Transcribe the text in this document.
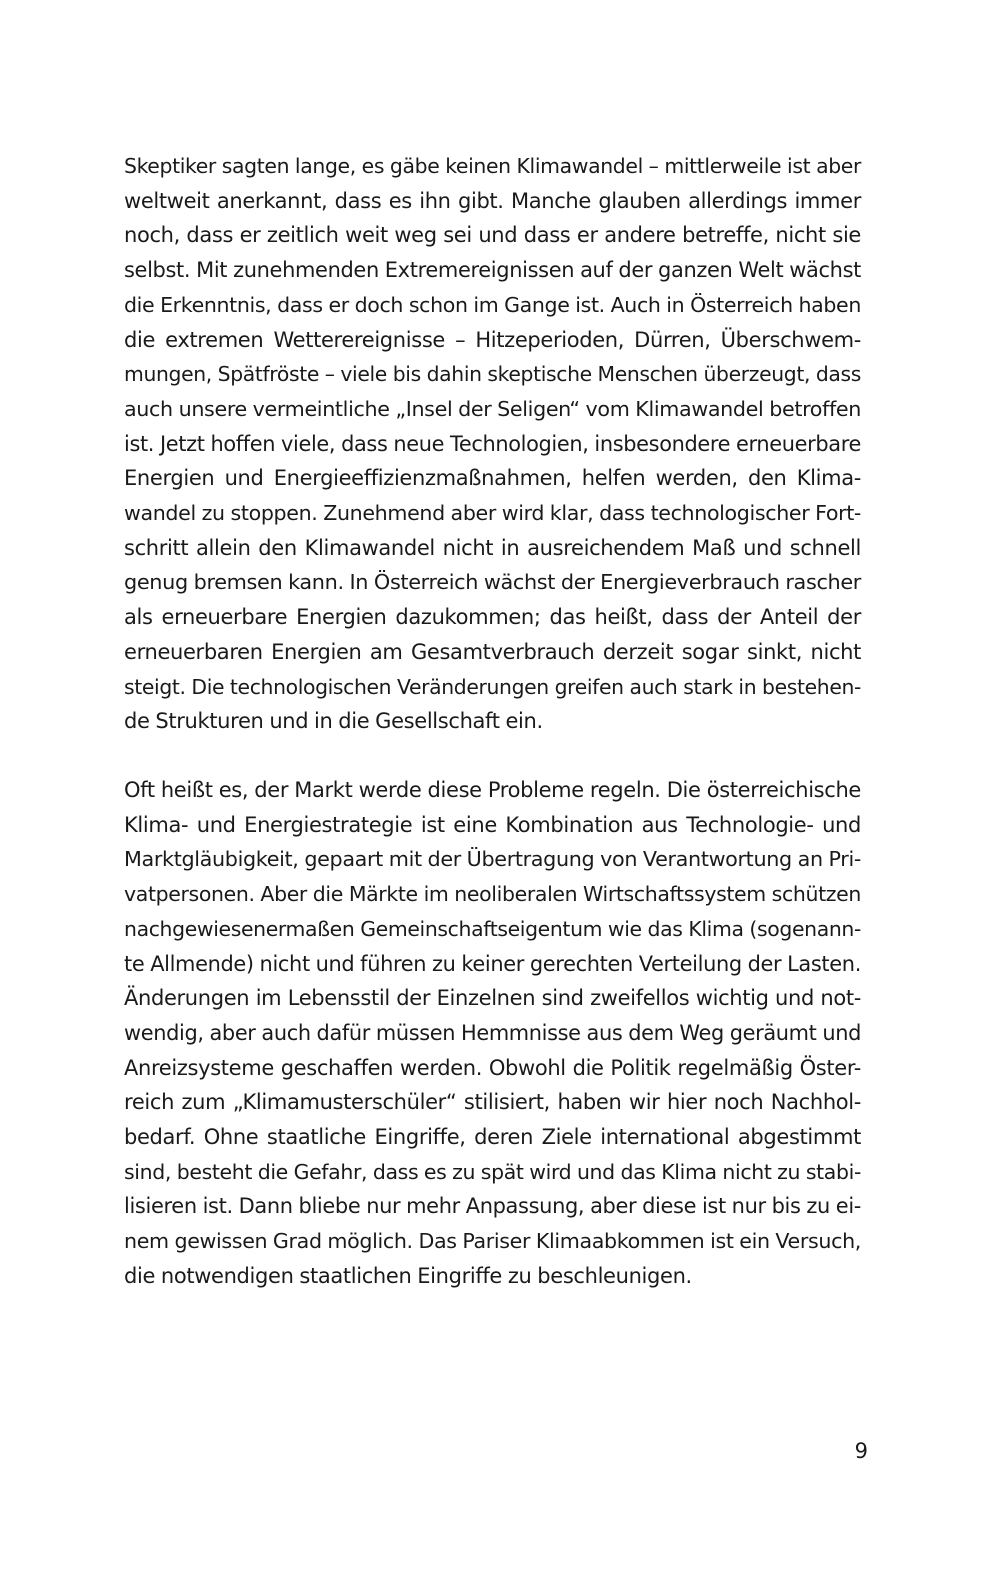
Skeptiker sagten lange, es gäbe keinen Klimawandel – mittlerweile ist aber
weltweit anerkannt, dass es ihn gibt. Manche glauben allerdings immer
noch, dass er zeitlich weit weg sei und dass er andere betreffe, nicht sie
selbst. Mit zunehmenden Extremereignissen auf der ganzen Welt wächst
die Erkenntnis, dass er doch schon im Gange ist. Auch in Österreich haben
die extremen Wetterereignisse – Hitzeperioden, Dürren, Überschwem-
mungen, Spätfröste – viele bis dahin skeptische Menschen überzeugt, dass
auch unsere vermeintliche „Insel der Seligen“ vom Klimawandel betroffen
ist. Jetzt hoffen viele, dass neue Technologien, insbesondere erneuerbare
Energien und Energieeffizienzmaßnahmen, helfen werden, den Klima-
wandel zu stoppen. Zunehmend aber wird klar, dass technologischer Fort-
schritt allein den Klimawandel nicht in ausreichendem Maß und schnell
genug bremsen kann. In Österreich wächst der Energieverbrauch rascher
als erneuerbare Energien dazukommen; das heißt, dass der Anteil der
erneuerbaren Energien am Gesamtverbrauch derzeit sogar sinkt, nicht
steigt. Die technologischen Veränderungen greifen auch stark in bestehen-
de Strukturen und in die Gesellschaft ein.
Oft heißt es, der Markt werde diese Probleme regeln. Die österreichische
Klima- und Energiestrategie ist eine Kombination aus Technologie- und
Marktgläubigkeit, gepaart mit der Übertragung von Verantwortung an Pri-
vatpersonen. Aber die Märkte im neoliberalen Wirtschaftssystem schützen
nachgewiesenermaßen Gemeinschaftseigentum wie das Klima (sogenann-
te Allmende) nicht und führen zu keiner gerechten Verteilung der Lasten.
Änderungen im Lebensstil der Einzelnen sind zweifellos wichtig und not-
wendig, aber auch dafür müssen Hemmnisse aus dem Weg geräumt und
Anreizsysteme geschaffen werden. Obwohl die Politik regelmäßig Öster-
reich zum „Klimamusterschüler“ stilisiert, haben wir hier noch Nachhol-
bedarf. Ohne staatliche Eingriffe, deren Ziele international abgestimmt
sind, besteht die Gefahr, dass es zu spät wird und das Klima nicht zu stabi-
lisieren ist. Dann bliebe nur mehr Anpassung, aber diese ist nur bis zu ei-
nem gewissen Grad möglich. Das Pariser Klimaabkommen ist ein Versuch,
die notwendigen staatlichen Eingriffe zu beschleunigen.
9
